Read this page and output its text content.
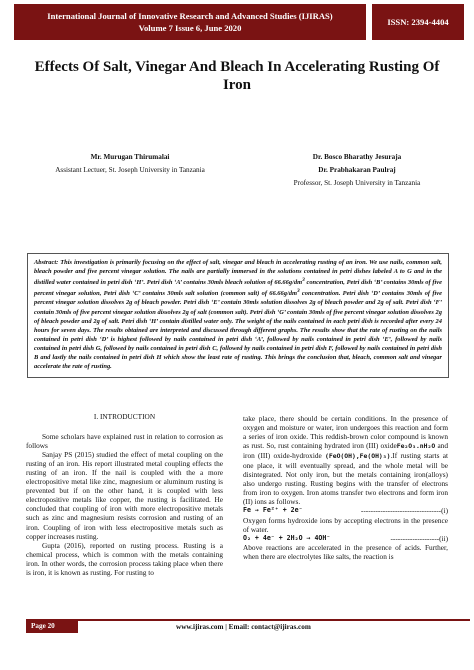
International Journal of Innovative Research and Advanced Studies (IJIRAS)
Volume 7 Issue 6, June 2020
ISSN: 2394-4404
Effects Of Salt, Vinegar And Bleach In Accelerating Rusting Of Iron
Mr. Murugan Thirumalai
Assistant Lectuer, St. Joseph University in Tanzania
Dr. Bosco Bharathy Jesuraja
Dr. Prabhakaran Paulraj
Professor, St. Joseph University in Tanzania
Abstract: This investigation is primarily focusing on the effect of salt, vinegar and bleach in accelerating rusting of an iron. We use nails, common salt, bleach powder and five percent vinegar solution. The nails are partially immersed in the solutions contained in petri dishes labeled A to G and in the distilled water contained in petri dish ‘H’. Petri dish ‘A’ contains 30mls bleach solution of $66.66g/dm^3$ concentration, Petri dish ‘B’ contains 30mls of five percent vinegar solution, Petri dish ‘C’ contains 30mls salt solution (common salt) of $66.66g/dm^3$ concentration. Petri dish ‘D’ contains 30mls of five percent vinegar solution dissolves 2g of bleach powder. Petri dish ‘E’ contain 30mls solution dissolves 2g of bleach powder and 2g of salt. Petri dish ‘F’ contain 30mls of five percent vinegar solution dissolves 2g of salt (common salt). Petri dish ‘G’ contain 30mls of five percent vinegar solution dissolves 2g of bleach powder and 2g of salt. Petri dish ‘H’ contain distilled water only. The weight of the nails contained in each petri dish is recorded after every 24 hours for seven days. The results obtained are interpreted and discussed through different graphs. The results show that the rate of rusting on the nails contained in petri dish ‘D’ is highest followed by nails contained in petri dish ‘A’, followed by nails contained in petri dish ‘E’, followed by nails contained in petri dish G, followed by nails contained in petri dish C, followed by nails contained in petri dish F, followed by nails contained in petri dish B and lastly the nails contained in petri dish H which show the least rate of rusting. This brings the conclusion that, bleach, common salt and vinegar accelerate the rate of rusting.
I. INTRODUCTION

Some scholars have explained rust in relation to corrosion as follows

Sanjay PS (2015) studied the effect of metal coupling on the rusting of an iron. His report illustrated metal coupling effects the rusting of an iron. If the nail is coupled with the a more electropositive metal like zinc, magnesium or aluminum rusting is prevented but if on the other hand, it is coupled with less electropositive metals like copper, the rusting is facilitated. He concluded that coupling of iron with more electropositive metals such as zinc and magnesium resists corrosion and rusting of an iron. Coupling of iron with less electropositive metals such as copper increases rusting.

Gupta (2016), reported on rusting process. Rusting is a chemical process, which is common with the metals containing iron. In other words, the corrosion process taking place when there is iron, it is known as rusting. For rusting to

take place, there should be certain conditions. In the presence of oxygen and moisture or water, iron undergoes this reaction and form a series of iron oxide. This reddish-brown color compound is known as rust. So, rust containing hydrated iron (III) oxideFe₂O₃.nH₂O and iron (III) oxide-hydroxide (FeO(OH),Fe(OH)₃).If rusting starts at one place, it will eventually spread, and the whole metal will be disintegrated. Not only iron, but the metals containing iron(alloys) also undergo rusting. Rusting begins with the transfer of electrons from iron to oxygen. Iron atoms transfer two electrons and form iron (II) ions as follows.

Fe → Fe²⁺ + 2e⁻	---------------------------------(i)

Oxygen forms hydroxide ions by accepting electrons in the presence of water.

O₂ + 4e⁻ + 2H₂O → 4OH⁻	--------------------(ii)

Above reactions are accelerated in the presence of acids. Further, when there are electrolytes like salts, the reaction is

Page 20	www.ijiras.com | Email: contact@ijiras.com
